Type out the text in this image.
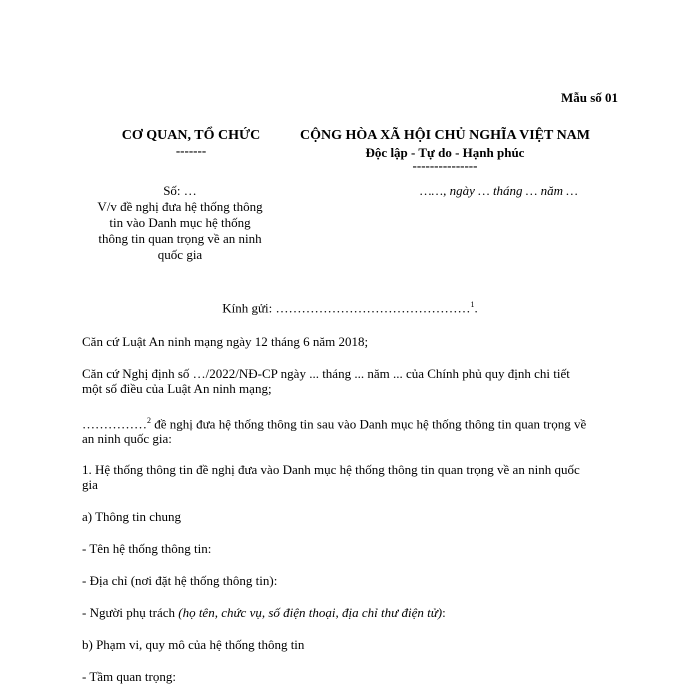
Mẫu số 01
CƠ QUAN, TỔ CHỨC
-------
CỘNG HÒA XÃ HỘI CHỦ NGHĨA VIỆT NAM
Độc lập - Tự do - Hạnh phúc
---------------
Số: …
V/v đề nghị đưa hệ thống thông
tin vào Danh mục hệ thống
thông tin quan trọng về an ninh
quốc gia
……, ngày … tháng … năm …
Kính gửi: ………………………………………$^1$.
Căn cứ Luật An ninh mạng ngày 12 tháng 6 năm 2018;
Căn cứ Nghị định số …/2022/NĐ-CP ngày ... tháng ... năm ... của Chính phủ quy định chi tiết
một số điều của Luật An ninh mạng;
……………$^2$ đề nghị đưa hệ thống thông tin sau vào Danh mục hệ thống thông tin quan trọng về
an ninh quốc gia:
1. Hệ thống thông tin đề nghị đưa vào Danh mục hệ thống thông tin quan trọng về an ninh quốc
gia
a) Thông tin chung
- Tên hệ thống thông tin:
- Địa chỉ (nơi đặt hệ thống thông tin):
- Người phụ trách (họ tên, chức vụ, số điện thoại, địa chỉ thư điện tử):
b) Phạm vi, quy mô của hệ thống thông tin
- Tầm quan trọng:
